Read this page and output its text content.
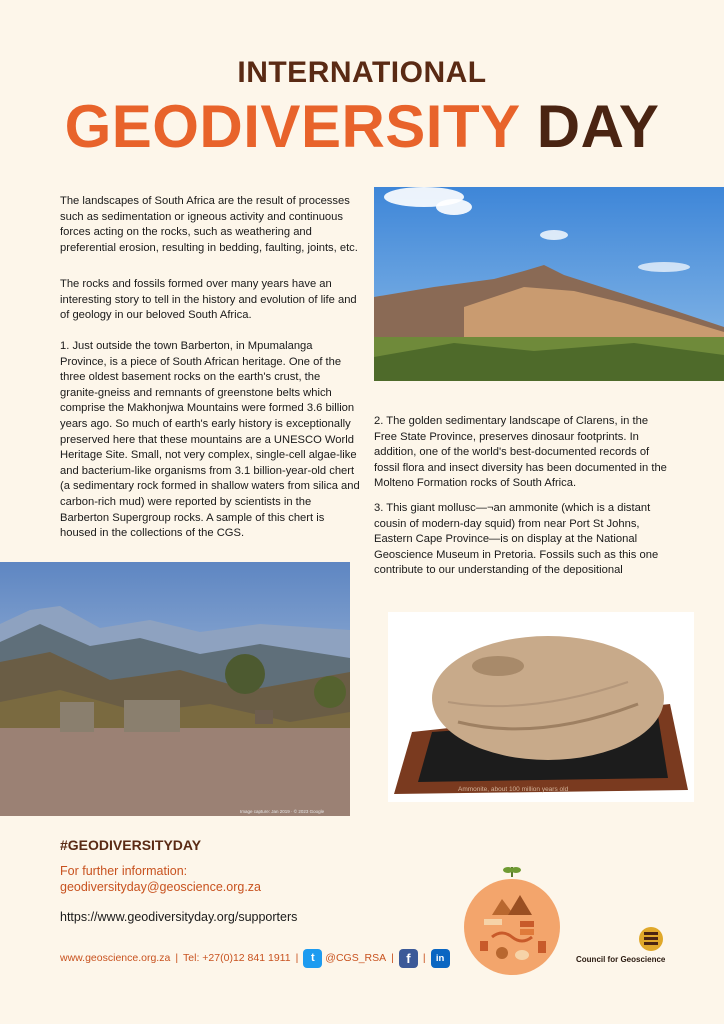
INTERNATIONAL
GEODIVERSITY DAY

The landscapes of South Africa are the result of processes such as sedimentation or igneous activity and continuous forces acting on the rocks, such as weathering and preferential erosion, resulting in bedding, faulting, joints, etc.

The rocks and fossils formed over many years have an interesting story to tell in the history and evolution of life and of geology in our beloved South Africa.

1. Just outside the town Barberton, in Mpumalanga Province, is a piece of South African heritage. One of the three oldest basement rocks on the earth's crust, the granite-gneiss and remnants of greenstone belts which comprise the Makhonjwa Mountains were formed 3.6 billion years ago. So much of earth's early history is exceptionally preserved here that these mountains are a UNESCO World Heritage Site. Small, not very complex, single-cell algae-like and bacterium-like organisms from 3.1 billion-year-old chert (a sedimentary rock formed in shallow waters from silica and carbon-rich mud) were reported by scientists in the Barberton Supergroup rocks. A sample of this chert is housed in the collections of the CGS.

2. The golden sedimentary landscape of Clarens, in the Free State Province, preserves dinosaur footprints. In addition, one of the world's best-documented records of fossil flora and insect diversity has been documented in the Molteno Formation rocks of South Africa.

3. This giant mollusc—¬an ammonite (which is a distant cousin of modern-day squid) from near Port St Johns, Eastern Cape Province—is on display at the National Geoscience Museum in Pretoria. Fossils such as this one contribute to our understanding of the depositional

Image capture: Jan 2019 · © 2023 Google
Ammonite, about 100 million years old
#GEODIVERSITYDAY
For further information:
geodiversityday@geoscience.org.za
https://www.geodiversityday.org/supporters
www.geoscience.org.za | Tel: +27(0)12 841 1911 |	t	@CGS_RSA | f	|	in	Council for Geoscience
